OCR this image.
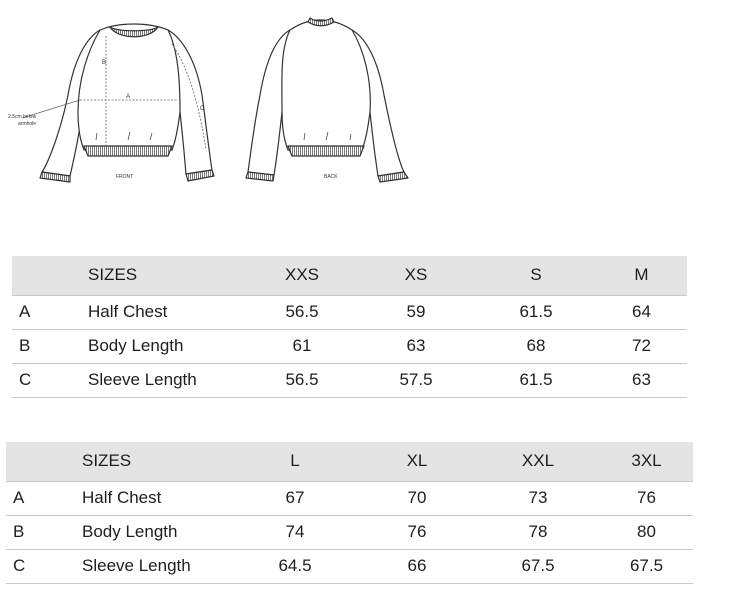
B
A
C
2.5cm below
armhole
FRONT	BACK
	SIZES	XXS	XS	S	M
A	Half Chest	56.5	59	61.5	64
B	Body Length	61	63	68	72
C	Sleeve Length	56.5	57.5	61.5	63
	SIZES	L	XL	XXL	3XL
A	Half Chest	67	70	73	76
B	Body Length	74	76	78	80
C	Sleeve Length	64.5	66	67.5	67.5
